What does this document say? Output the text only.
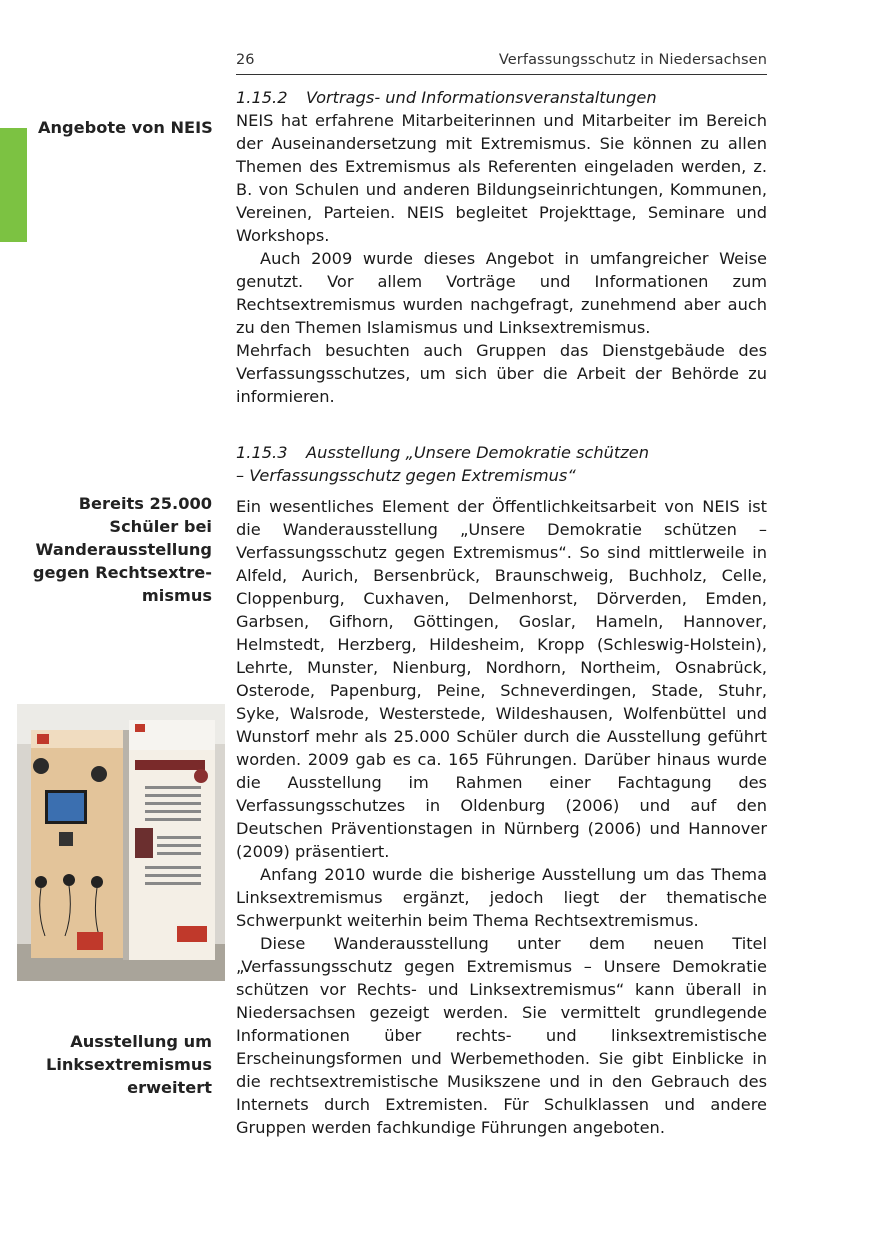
26	Verfassungsschutz in Niedersachsen
1.15.2 Vortrags- und Informationsveranstaltungen

NEIS hat erfahrene Mitarbeiterinnen und Mitarbeiter im Bereich der Auseinandersetzung mit Extremismus. Sie können zu allen Themen des Extremismus als Referenten eingeladen werden, z. B. von Schulen und anderen Bildungseinrichtungen, Kommunen, Vereinen, Parteien. NEIS begleitet Projekttage, Seminare und Workshops.

Auch 2009 wurde dieses Angebot in umfangreicher Weise genutzt. Vor allem Vorträge und Informationen zum Rechtsextremismus wurden nachgefragt, zunehmend aber auch zu den Themen Islamismus und Linksextremismus.

Mehrfach besuchten auch Gruppen das Dienstgebäude des Verfassungsschutzes, um sich über die Arbeit der Behörde zu informieren.

1.15.3 Ausstellung „Unsere Demokratie schützen
– Verfassungsschutz gegen Extremismus“

Ein wesentliches Element der Öffentlichkeitsarbeit von NEIS ist die Wanderausstellung „Unsere Demokratie schützen – Verfassungsschutz gegen Extremismus“. So sind mittlerweile in Alfeld, Aurich, Bersenbrück, Braunschweig, Buchholz, Celle, Cloppenburg, Cuxhaven, Delmenhorst, Dörverden, Emden, Garbsen, Gifhorn, Göttingen, Goslar, Hameln, Hannover, Helmstedt, Herzberg, Hildesheim, Kropp (Schleswig-Holstein), Lehrte, Munster, Nienburg, Nordhorn, Northeim, Osnabrück, Osterode, Papenburg, Peine, Schneverdingen, Stade, Stuhr, Syke, Walsrode, Westerstede, Wildeshausen, Wolfenbüttel und Wunstorf mehr als 25.000 Schüler durch die Ausstellung geführt worden. 2009 gab es ca. 165 Führungen. Darüber hinaus wurde die Ausstellung im Rahmen einer Fachtagung des Verfassungsschutzes in Oldenburg (2006) und auf den Deutschen Präventionstagen in Nürnberg (2006) und Hannover (2009) präsentiert.

Anfang 2010 wurde die bisherige Ausstellung um das Thema Linksextremismus ergänzt, jedoch liegt der thematische Schwerpunkt weiterhin beim Thema Rechtsextremismus.

Diese Wanderausstellung unter dem neuen Titel „Verfassungsschutz gegen Extremismus – Unsere Demokratie schützen vor Rechts- und Linksextremismus“ kann überall in Niedersachsen gezeigt werden. Sie vermittelt grundlegende Informationen über rechts- und linksextremistische Erscheinungsformen und Werbemethoden. Sie gibt Einblicke in die rechtsextremistische Musikszene und in den Gebrauch des Internets durch Extremisten. Für Schulklassen und andere Gruppen werden fachkundige Führungen angeboten.

Angebote von NEIS
Bereits 25.000
Schüler bei
Wanderausstellung
gegen Rechtsextre-
mismus
Ausstellung um
Linksextremismus
erweitert
